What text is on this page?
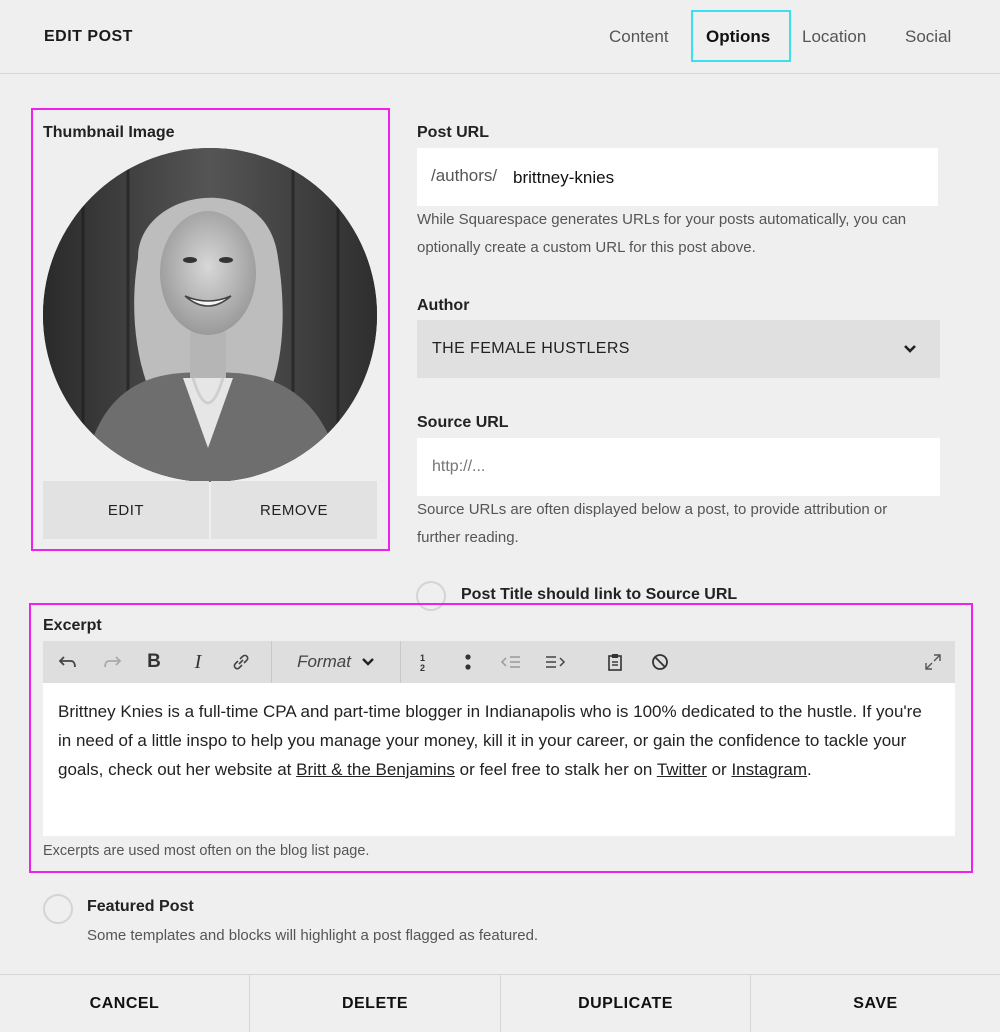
EDIT POST	Content Options Location Social
Thumbnail Image
EDIT	REMOVE
Post URL
/authors/ brittney-knies
While Squarespace generates URLs for your posts automatically, you can optionally create a custom URL for this post above.
Author
THE FEMALE HUSTLERS
Source URL
http://...
Source URLs are often displayed below a post, to provide attribution or further reading.
Post Title should link to Source URL
Excerpt
B	I	Format	1
2
Brittney Knies is a full-time CPA and part-time blogger in Indianapolis who is 100% dedicated to the hustle. If you're in need of a little inspo to help you manage your money, kill it in your career, or gain the confidence to tackle your goals, check out her website at Britt & the Benjamins or feel free to stalk her on Twitter or Instagram.
Excerpts are used most often on the blog list page.
Featured Post
Some templates and blocks will highlight a post flagged as featured.
CANCEL	DELETE	DUPLICATE	SAVE
